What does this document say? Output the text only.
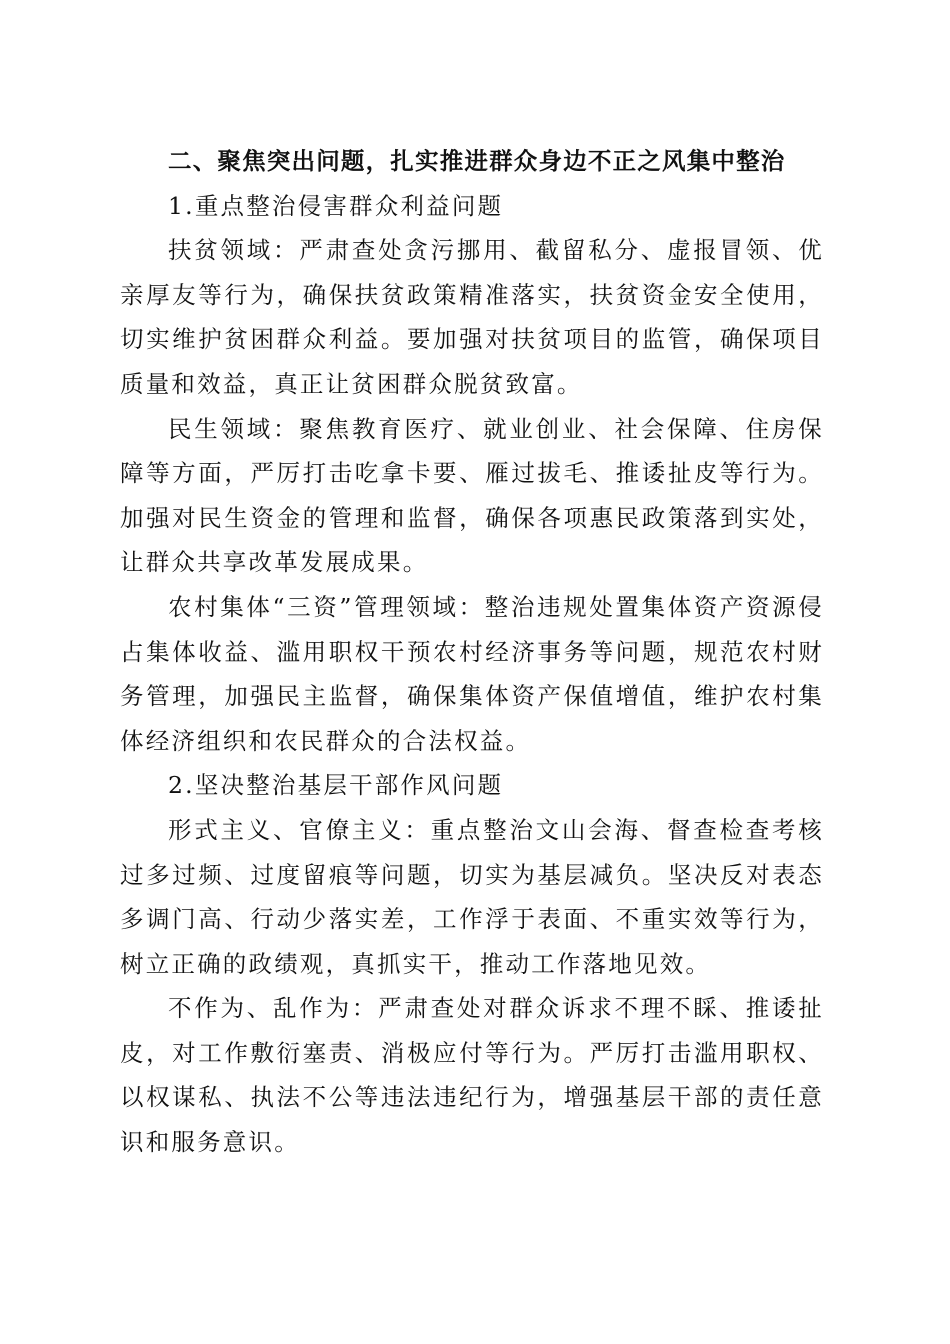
二、聚焦突出问题，扎实推进群众身边不正之风集中整治

1.重点整治侵害群众利益问题

扶贫领域：严肃查处贪污挪用、截留私分、虚报冒领、优亲厚友等行为，确保扶贫政策精准落实，扶贫资金安全使用，切实维护贫困群众利益。要加强对扶贫项目的监管，确保项目质量和效益，真正让贫困群众脱贫致富。

民生领域：聚焦教育医疗、就业创业、社会保障、住房保障等方面，严厉打击吃拿卡要、雁过拔毛、推诿扯皮等行为。加强对民生资金的管理和监督，确保各项惠民政策落到实处，让群众共享改革发展成果。

农村集体“三资”管理领域：整治违规处置集体资产资源侵占集体收益、滥用职权干预农村经济事务等问题，规范农村财务管理，加强民主监督，确保集体资产保值增值，维护农村集体经济组织和农民群众的合法权益。

2.坚决整治基层干部作风问题

形式主义、官僚主义：重点整治文山会海、督查检查考核过多过频、过度留痕等问题，切实为基层减负。坚决反对表态多调门高、行动少落实差，工作浮于表面、不重实效等行为，树立正确的政绩观，真抓实干，推动工作落地见效。

不作为、乱作为：严肃查处对群众诉求不理不睬、推诿扯皮，对工作敷衍塞责、消极应付等行为。严厉打击滥用职权、以权谋私、执法不公等违法违纪行为，增强基层干部的责任意识和服务意识。
